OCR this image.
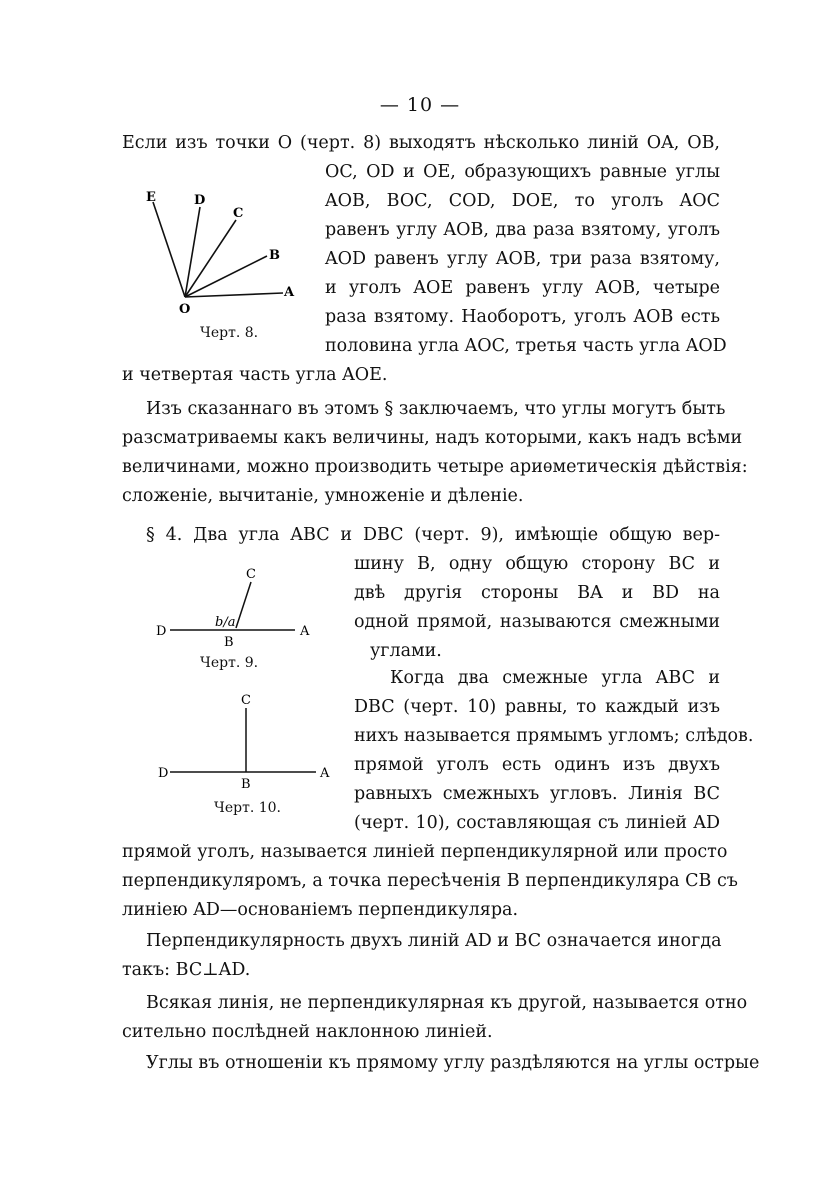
— 10 —
Если изъ точки O (черт. 8) выходятъ нѣсколько линій OA, OB,
OC, OD и OE, образующихъ равные углы
AOB, BOC, COD, DOE, то уголъ AOC
равенъ углу AOB, два раза взятому, уголъ
AOD равенъ углу AOB, три раза взятому,
и уголъ AOE равенъ углу AOB, четыре
раза взятому. Наоборотъ, уголъ AOB есть
половина угла AOC, третья часть угла AOD
и четвертая часть угла AOE.
E	D
C
B
A
O
Черт. 8.
Изъ сказаннаго въ этомъ § заключаемъ, что углы могутъ быть
разсматриваемы какъ величины, надъ которыми, какъ надъ всѣми
величинами, можно производить четыре ариѳметическія дѣйствія:
сложеніе, вычитаніе, умноженіе и дѣленіе.
§ 4. Два угла ABC и DBC (черт. 9), имѣющіе общую вер-
шину B, одну общую сторону BC и
двѣ другія стороны BA и BD на
одной прямой, называются смежными
углами.
Когда два смежные угла ABC и
DBC (черт. 10) равны, то каждый изъ
нихъ называется прямымъ угломъ; слѣдов.
прямой уголъ есть одинъ изъ двухъ
равныхъ смежныхъ угловъ. Линія BC
(черт. 10), составляющая съ линіей AD
прямой уголъ, называется линіей перпендикулярной или просто
перпендикуляромъ, а точка пересѣченія B перпендикуляра CB съ
линіею AD—основаніемъ перпендикуляра.
C
D	A
B
b/a
Черт. 9.
C
D	A
B
Черт. 10.
Перпендикулярность двухъ линій AD и BC означается иногда
такъ: BC⊥AD.
Всякая линія, не перпендикулярная къ другой, называется отно
сительно послѣдней наклонною линіей.
Углы въ отношеніи къ прямому углу раздѣляются на углы острые
